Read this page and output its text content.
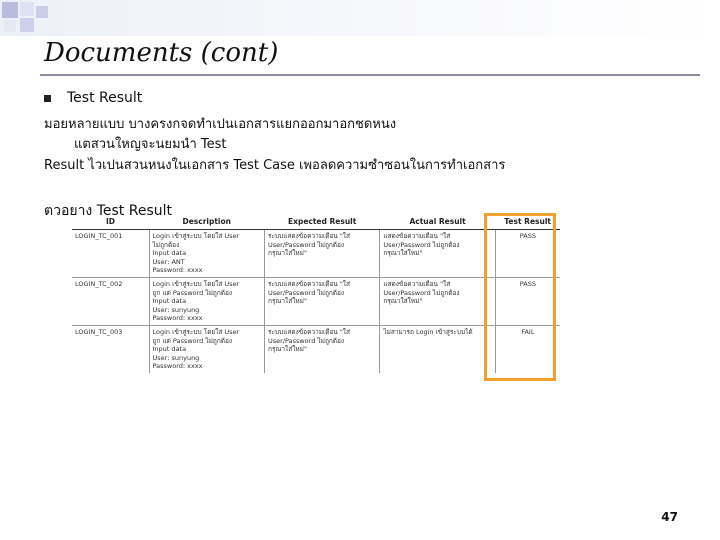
Documents (cont)
Test Result
มอยหลายแบบ บางครงกจดทำเปนเอกสารแยกออกมาอกชดหนง
แตสวนใหญจะนยมนำ Test
Result ไวเปนสวนหนงในเอกสาร Test Case เพอลดความซำซอนในการทำเอกสาร
ตวอยาง Test Result
ID	Description	Expected Result	Actual Result	Test Result
LOGIN_TC_001	Login เข้าสู่ระบบ โดยใส่ User
ไม่ถูกต้อง
Input data
User: ANT
Password: xxxx	ระบบแสดงข้อความเตือน "ใส่
User/Password ไม่ถูกต้อง
กรุณาใส่ใหม่"	แสดงข้อความเตือน "ใส่
User/Password ไม่ถูกต้อง
กรุณาใส่ใหม่"	PASS
LOGIN_TC_002	Login เข้าสู่ระบบ โดยใส่ User
ถูก แต่ Password ไม่ถูกต้อง
Input data
User: sunyung
Password: xxxx	ระบบแสดงข้อความเตือน "ใส่
User/Password ไม่ถูกต้อง
กรุณาใส่ใหม่"	แสดงข้อความเตือน "ใส่
User/Password ไม่ถูกต้อง
กรุณาใส่ใหม่"	PASS
LOGIN_TC_003	Login เข้าสู่ระบบ โดยใส่ User
ถูก แต่ Password ไม่ถูกต้อง
Input data
User: sunyung
Password: xxxx	ระบบแสดงข้อความเตือน "ใส่
User/Password ไม่ถูกต้อง
กรุณาใส่ใหม่"	ไม่สามารถ Login เข้าสู่ระบบได้	FAIL
47
